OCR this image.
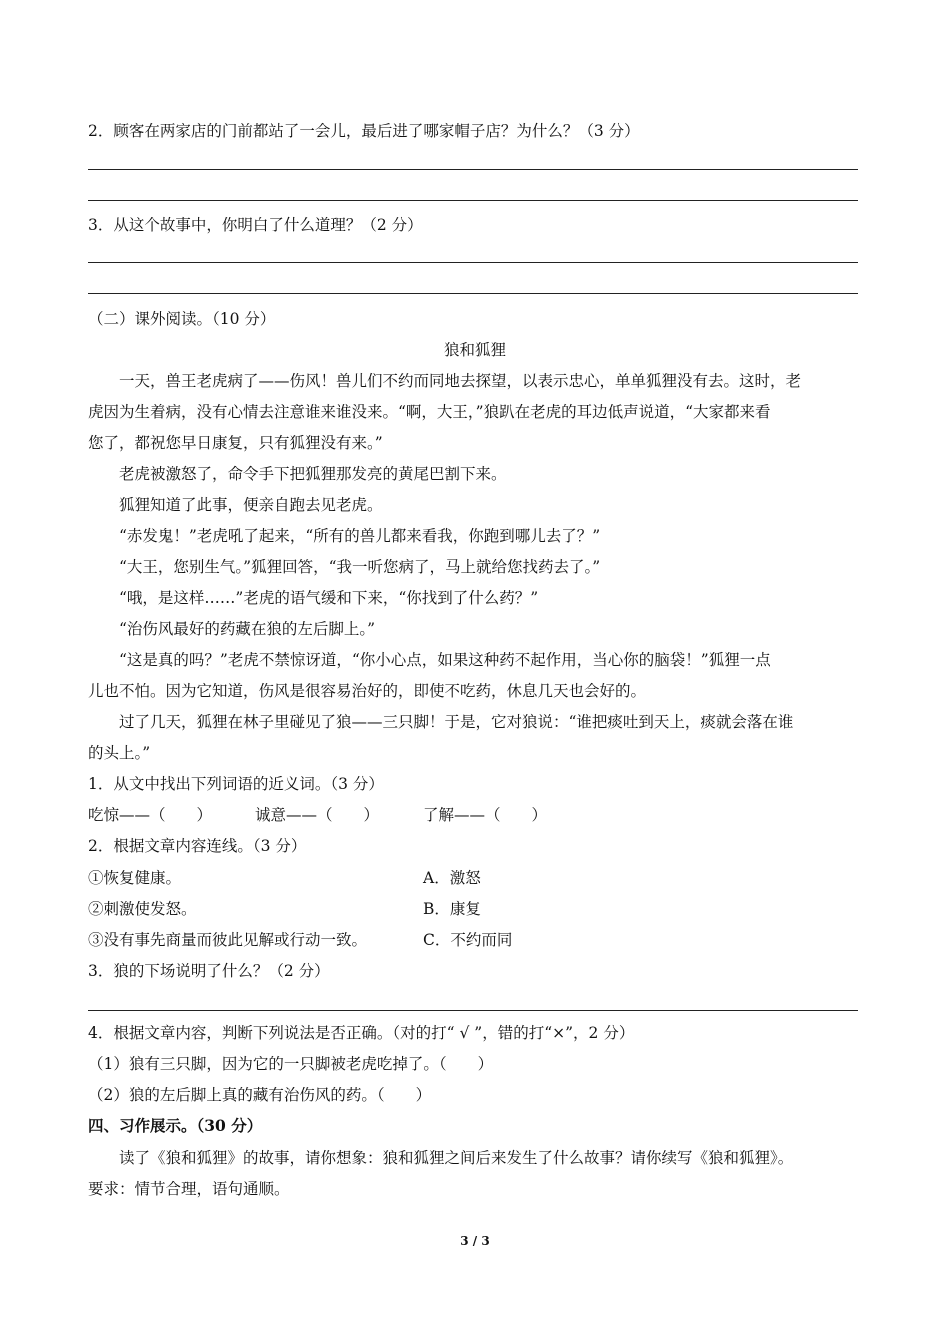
2．顾客在两家店的门前都站了一会儿，最后进了哪家帽子店？为什么？（3 分）
3．从这个故事中，你明白了什么道理？（2 分）
（二）课外阅读。（10 分）
狼和狐狸
一天，兽王老虎病了——伤风！兽儿们不约而同地去探望，以表示忠心，单单狐狸没有去。这时，老
虎因为生着病，没有心情去注意谁来谁没来。“啊，大王，”狼趴在老虎的耳边低声说道，“大家都来看
您了，都祝您早日康复，只有狐狸没有来。”
老虎被激怒了，命令手下把狐狸那发亮的黄尾巴割下来。
狐狸知道了此事，便亲自跑去见老虎。
“赤发鬼！”老虎吼了起来，“所有的兽儿都来看我，你跑到哪儿去了？”
“大王，您别生气。”狐狸回答，“我一听您病了，马上就给您找药去了。”
“哦，是这样……”老虎的语气缓和下来，“你找到了什么药？”
“治伤风最好的药藏在狼的左后脚上。”
“这是真的吗？”老虎不禁惊讶道，“你小心点，如果这种药不起作用，当心你的脑袋！”狐狸一点
儿也不怕。因为它知道，伤风是很容易治好的，即使不吃药，休息几天也会好的。
过了几天，狐狸在林子里碰见了狼——三只脚！于是，它对狼说：“谁把痰吐到天上，痰就会落在谁
的头上。”
1．从文中找出下列词语的近义词。（3 分）
吃惊——（　　）	诚意——（　　）	了解——（　　）
2．根据文章内容连线。（3 分）
①恢复健康。	A．激怒
②刺激使发怒。	B．康复
③没有事先商量而彼此见解或行动一致。	C．不约而同
3．狼的下场说明了什么？（2 分）
4．根据文章内容，判断下列说法是否正确。（对的打“ √ ”，错的打“×”，2 分）
（1）狼有三只脚，因为它的一只脚被老虎吃掉了。（　　）
（2）狼的左后脚上真的藏有治伤风的药。（　　）
四、习作展示。（30 分）
读了《狼和狐狸》的故事，请你想象：狼和狐狸之间后来发生了什么故事？请你续写《狼和狐狸》。
要求：情节合理，语句通顺。
3 / 3
